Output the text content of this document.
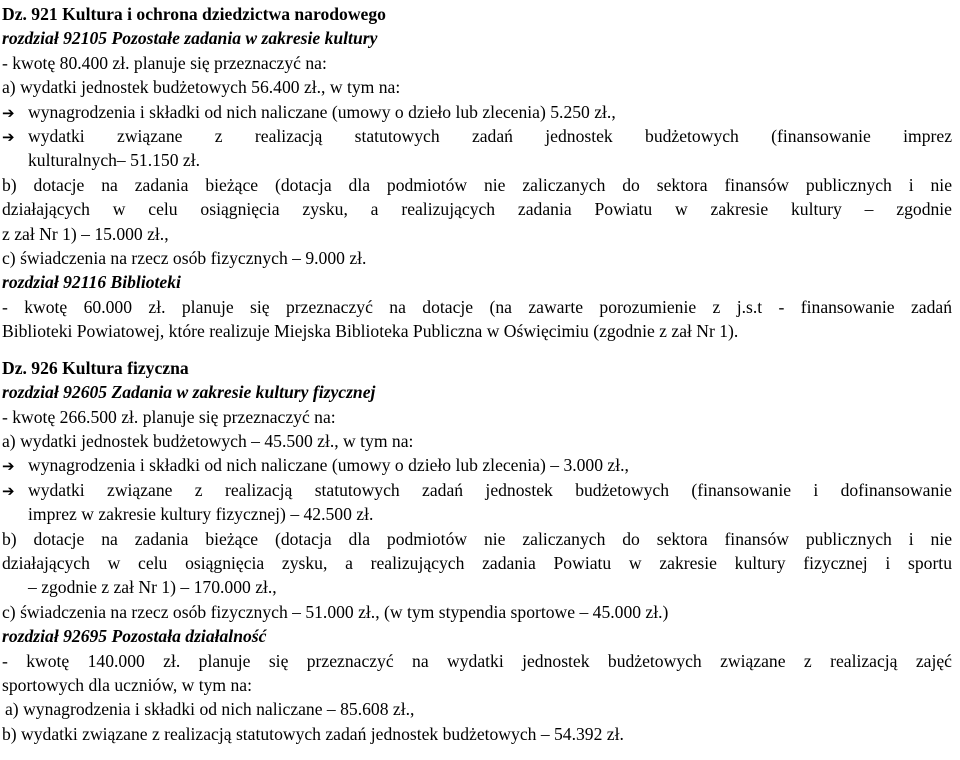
Dz. 921 Kultura i ochrona dziedzictwa narodowego

rozdział 92105 Pozostałe zadania w zakresie kultury

- kwotę 80.400 zł. planuje się przeznaczyć na:

a) wydatki jednostek budżetowych 56.400 zł., w tym na:

➔ wynagrodzenia i składki od nich naliczane (umowy o dzieło lub zlecenia) 5.250 zł.,

➔ wydatki związane z realizacją statutowych zadań jednostek budżetowych (finansowanie imprez

kulturalnych– 51.150 zł.

b) dotacje na zadania bieżące (dotacja dla podmiotów nie zaliczanych do sektora finansów publicznych i nie

działających w celu osiągnięcia zysku, a realizujących zadania Powiatu w zakresie kultury – zgodnie

z zał Nr 1) – 15.000 zł.,

c) świadczenia na rzecz osób fizycznych – 9.000 zł.

rozdział 92116 Biblioteki

- kwotę 60.000 zł. planuje się przeznaczyć na dotacje (na zawarte porozumienie z j.s.t - finansowanie zadań

Biblioteki Powiatowej, które realizuje Miejska Biblioteka Publiczna w Oświęcimiu (zgodnie z zał Nr 1).

Dz. 926 Kultura fizyczna

rozdział 92605 Zadania w zakresie kultury fizycznej

- kwotę 266.500 zł. planuje się przeznaczyć na:

a) wydatki jednostek budżetowych – 45.500 zł., w tym na:

➔ wynagrodzenia i składki od nich naliczane (umowy o dzieło lub zlecenia) – 3.000 zł.,

➔ wydatki związane z realizacją statutowych zadań jednostek budżetowych (finansowanie i dofinansowanie

imprez w zakresie kultury fizycznej) – 42.500 zł.

b) dotacje na zadania bieżące (dotacja dla podmiotów nie zaliczanych do sektora finansów publicznych i nie

działających w celu osiągnięcia zysku, a realizujących zadania Powiatu w zakresie kultury fizycznej i sportu

– zgodnie z zał Nr 1) – 170.000 zł.,

c) świadczenia na rzecz osób fizycznych – 51.000 zł., (w tym stypendia sportowe – 45.000 zł.)

rozdział 92695 Pozostała działalność

- kwotę 140.000 zł. planuje się przeznaczyć na wydatki jednostek budżetowych związane z realizacją zajęć

sportowych dla uczniów, w tym na:

a) wynagrodzenia i składki od nich naliczane – 85.608 zł.,

b) wydatki związane z realizacją statutowych zadań jednostek budżetowych – 54.392 zł.
